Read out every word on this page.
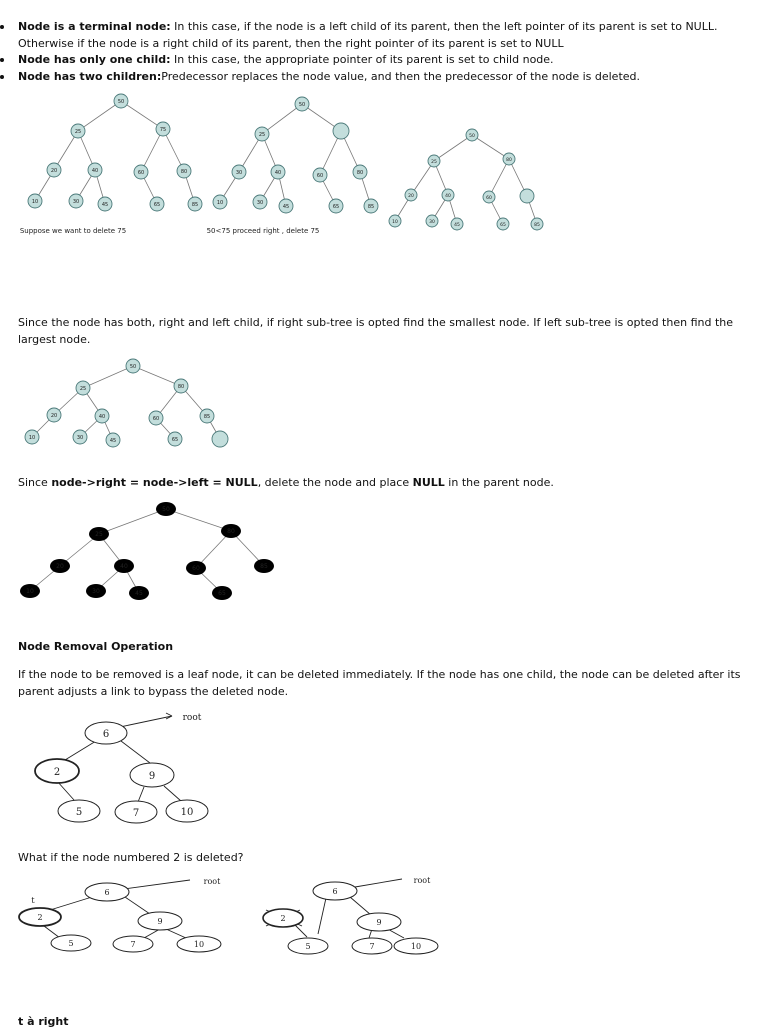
Node is a terminal node: In this case, if the node is a left child of its parent, then the left pointer of its parent is set to NULL. Otherwise if the node is a right child of its parent, then the right pointer of its parent is set to NULL
Node has only one child: In this case, the appropriate pointer of its parent is set to child node.
Node has two children:Predecessor replaces the node value, and then the predecessor of the node is deleted.
50
25	75
20	40	60	80
10	30	45	65	85
Suppose we want to delete 75
50
25
30	40	60	80
10	30
45	65	85
50<75 proceed right , delete 75
50
25	80
20	40	60
10	30
45	65	85
Since the node has both, right and left child, if right sub-tree is opted find the smallest node. If left sub-tree is opted then find the largest node.
50
25	80
20	40	60	85
10	30	45	65
Since node->right = node->left = NULL, delete the node and place NULL in the parent node.
50
25	80
20	40	60	85
10	30	45	65
Node Removal Operation
If the node to be removed is a leaf node, it can be deleted immediately. If the node has one child, the node can be deleted after its parent adjusts a link to bypass the deleted node.
root
6
2	9
5	7	10
What if the node numbered 2 is deleted?
root
t
6
2	9
5	7	10
root
6
2	9
5	7	10
t à right
